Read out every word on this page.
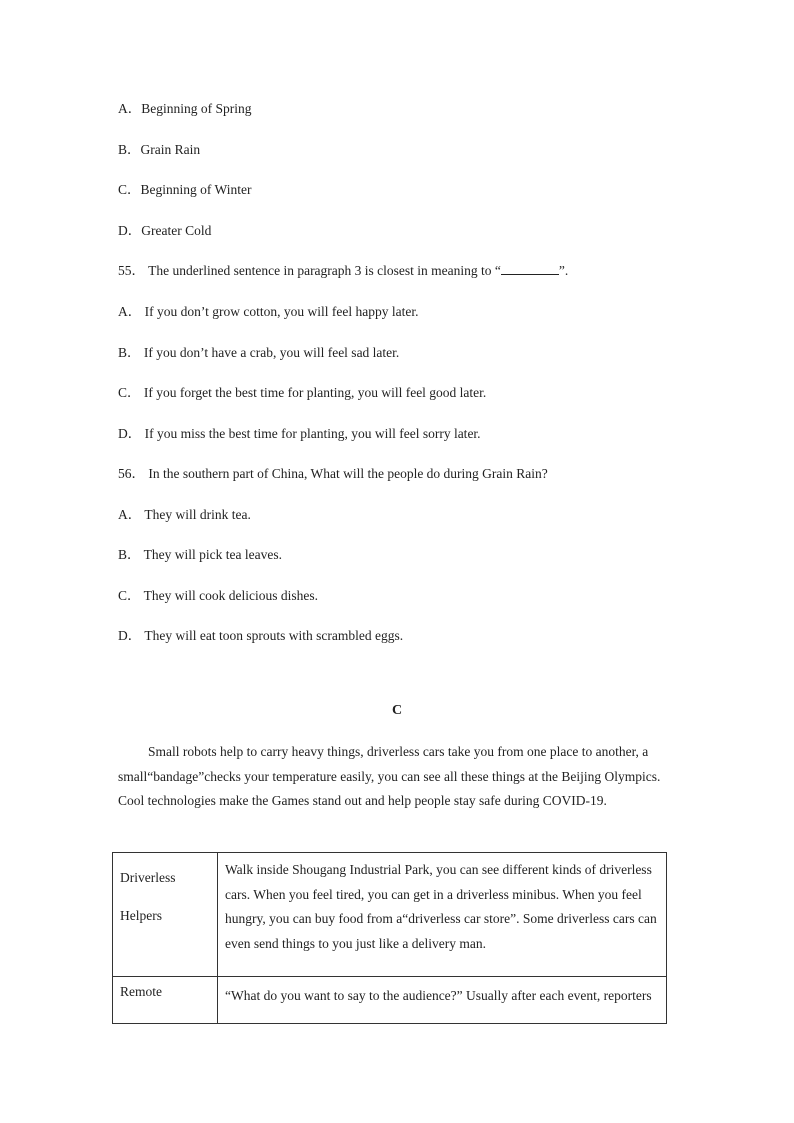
A．Beginning of Spring
B．Grain Rain
C．Beginning of Winter
D．Greater Cold
55． The underlined sentence in paragraph 3 is closest in meaning to “	”.
A． If you don’t grow cotton, you will feel happy later.
B． If you don’t have a crab, you will feel sad later.
C． If you forget the best time for planting, you will feel good later.
D． If you miss the best time for planting, you will feel sorry later.
56． In the southern part of China, What will the people do during Grain Rain?
A． They will drink tea.
B． They will pick tea leaves.
C． They will cook delicious dishes.
D． They will eat toon sprouts with scrambled eggs.
C
Small robots help to carry heavy things, driverless cars take you from one place to another, a small“bandage”checks your temperature easily, you can see all these things at the Beijing Olympics. Cool technologies make the Games stand out and help people stay safe during COVID-19.
Driverless
Helpers	Walk inside Shougang Industrial Park, you can see different kinds of driverless cars. When you feel tired, you can get in a driverless minibus. When you feel hungry, you can buy food from a“driverless car store”. Some driverless cars can even send things to you just like a delivery man.
Remote	“What do you want to say to the audience?” Usually after each event, reporters
